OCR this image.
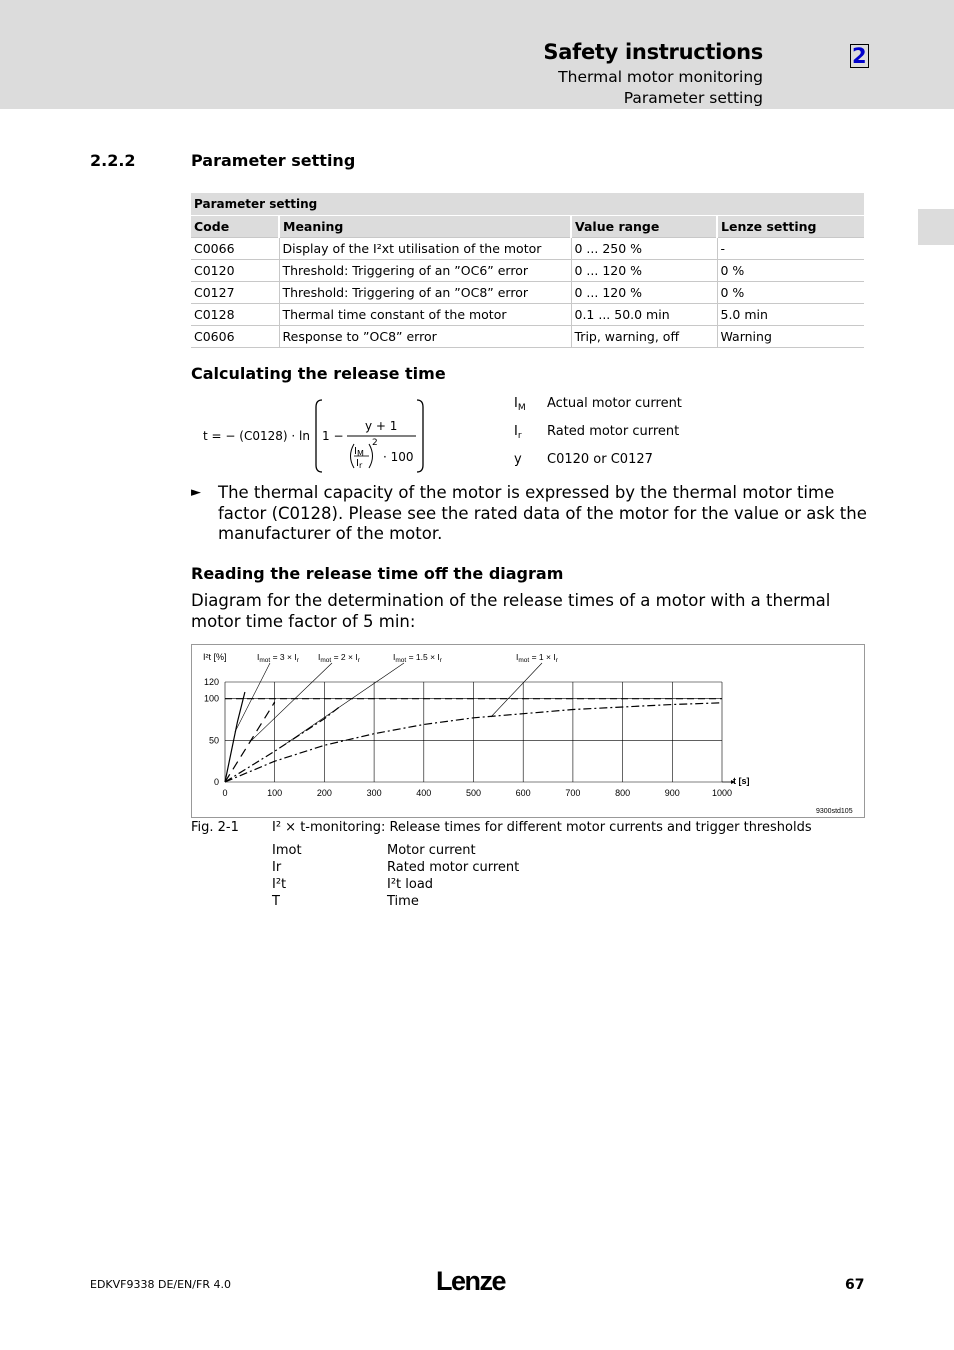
Safety instructions
Thermal motor monitoring
Parameter setting
2
2.2.2	Parameter setting
Parameter setting			
Code	Meaning	Value range	Lenze setting
C0066	Display of the I²xt utilisation of the motor	0 ... 250 %	-
C0120	Threshold: Triggering of an ”OC6” error	0 ... 120 %	0 %
C0127	Threshold: Triggering of an ”OC8” error	0 ... 120 %	0 %
C0128	Thermal time constant of the motor	0.1 ... 50.0 min	5.0 min
C0606	Response to ”OC8” error	Trip, warning, off	Warning
Calculating the release time
t = − (C0128) · ln 1 −
y + 1
$I_M$
$I_r$
2
· 100
$I_M$ Actual motor current
$I_r$ Rated motor current
y C0120 or C0127
► The thermal capacity of the motor is expressed by the thermal motor time factor (C0128). Please see the rated data of the motor for the value or ask the manufacturer of the motor.
Reading the release time off the diagram
Diagram for the determination of the release times of a motor with a thermal motor time factor of 5 min:
0	100	200	300	400	500	600	700	800	900	1000
0
50
100
120
I²t [%]
t [s]
$I_{mot} = 3 \times I_r$ $I_{mot} = 2 \times I_r$	$I_{mot} = 1.5 \times I_r$	$I_{mot} = 1 \times I_r$
9300std105
Fig. 2-1	I² × t-monitoring: Release times for different motor currents and trigger thresholds
Imot	Motor current
Ir	Rated motor current
I²t	I²t load
T	Time
EDKVF9338 DE/EN/FR 4.0	Lenze	67
